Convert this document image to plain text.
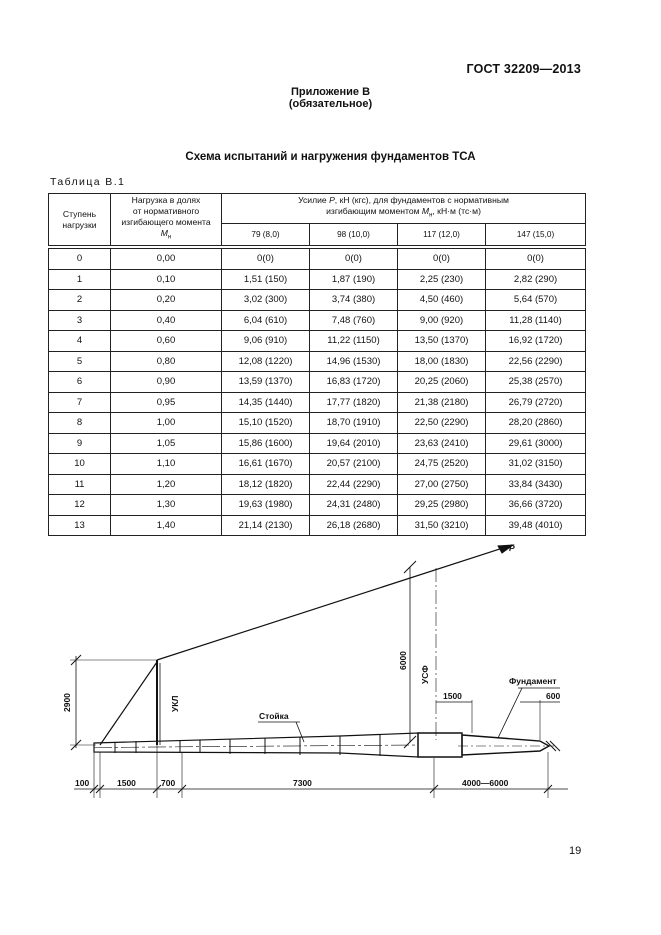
ГОСТ 32209—2013
Приложение В
(обязательное)
Схема испытаний и нагружения фундаментов ТСА
Таблица В.1
Ступень нагрузки	Нагрузка в долях
от нормативного
изгибающего момента
$M_н$	Усилие P, кН (кгс), для фундаментов с нормативным
изгибающим моментом $M_н$, кН·м (тс·м)			
		79 (8,0)	98 (10,0)	117 (12,0)	147 (15,0)

0	0,00	0(0)	0(0)	0(0)	0(0)
1	0,10	1,51 (150)	1,87 (190)	2,25 (230)	2,82 (290)
2	0,20	3,02 (300)	3,74 (380)	4,50 (460)	5,64 (570)
3	0,40	6,04 (610)	7,48 (760)	9,00 (920)	11,28 (1140)
4	0,60	9,06 (910)	11,22 (1150)	13,50 (1370)	16,92 (1720)
5	0,80	12,08 (1220)	14,96 (1530)	18,00 (1830)	22,56 (2290)
6	0,90	13,59 (1370)	16,83 (1720)	20,25 (2060)	25,38 (2570)
7	0,95	14,35 (1440)	17,77 (1820)	21,38 (2180)	26,79 (2720)
8	1,00	15,10 (1520)	18,70 (1910)	22,50 (2290)	28,20 (2860)
9	1,05	15,86 (1600)	19,64 (2010)	23,63 (2410)	29,61 (3000)
10	1,10	16,61 (1670)	20,57 (2100)	24,75 (2520)	31,02 (3150)
11	1,20	18,12 (1820)	22,44 (2290)	27,00 (2750)	33,84 (3430)
12	1,30	19,63 (1980)	24,31 (2480)	29,25 (2980)	36,66 (3720)
13	1,40	21,14 (2130)	26,18 (2680)	31,50 (3210)	39,48 (4010)
P
6000
УСФ
УКЛ
2900
Стойка
Фундамент
1500	600
100	1500	700	7300	4000—6000
19
